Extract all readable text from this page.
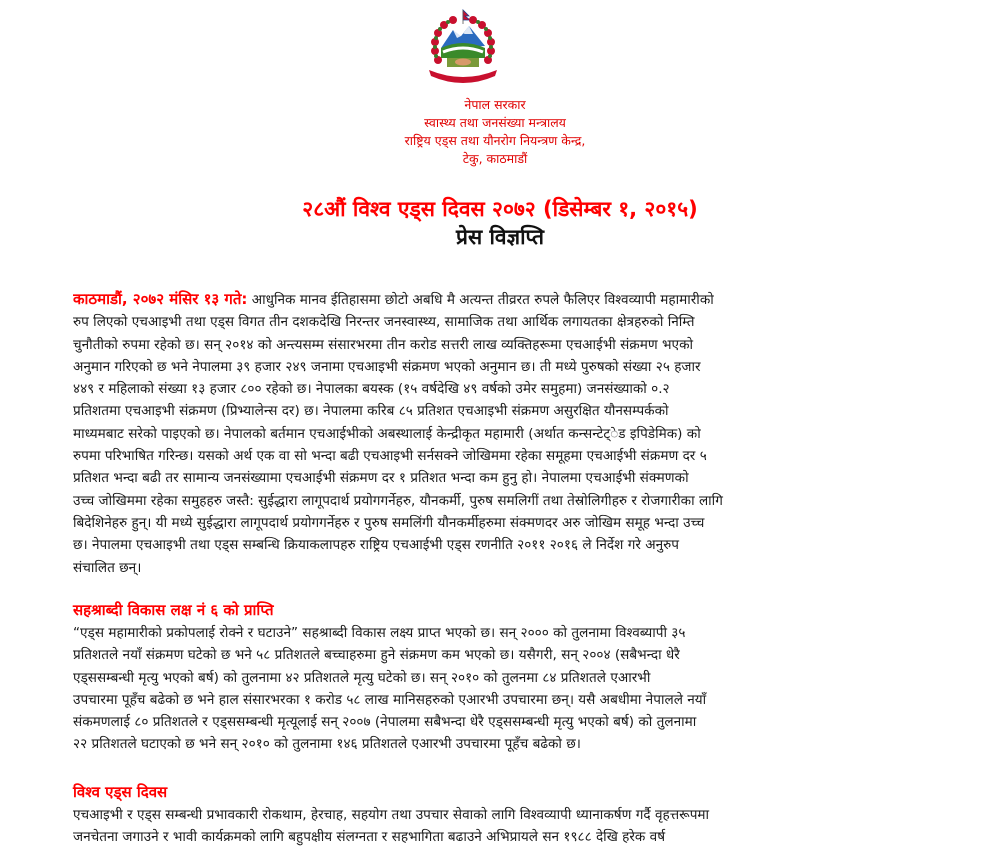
नेपाल सरकार
स्वास्थ्य तथा जनसंख्या मन्त्रालय
राष्ट्रिय एड्स तथा यौनरोग नियन्त्रण केन्द्र,
टेकु, काठमाडौं
२८औं विश्व एड्स दिवस २०७२ (डिसेम्बर १, २०१५)
प्रेस विज्ञप्ति
काठमाडौं, २०७२ मंसिर १३ गते: आधुनिक मानव ईतिहासमा छोटो अबधि मै अत्यन्त तीव्ररत रुपले फैलिएर विश्वव्यापी महामारीको
रुप लिएको एचआइभी तथा एड्स विगत तीन दशकदेखि निरन्तर जनस्वास्थ्य, सामाजिक तथा आर्थिक लगायतका क्षेत्रहरुको निम्ति
चुनौतीको रुपमा रहेको छ। सन् २०१४ को अन्त्यसम्म संसारभरमा तीन करोड सत्तरी लाख व्यक्तिहरूमा एचआईभी संक्रमण भएको
अनुमान गरिएको छ भने नेपालमा ३९ हजार २४९ जनामा एचआइभी संक्रमण भएको अनुमान छ। ती मध्ये पुरुषको संख्या २५ हजार
४४९ र महिलाको संख्या १३ हजार ८०० रहेको छ। नेपालका बयस्क (१५ वर्षदेखि ४९ वर्षको उमेर समुहमा) जनसंख्याको ०.२
प्रतिशतमा एचआइभी संक्रमण (प्रिभ्यालेन्स दर) छ। नेपालमा करिब ८५ प्रतिशत एचआइभी संक्रमण असुरक्षित यौनसम्पर्कको
माध्यमबाट सरेको पाइएको छ। नेपालको बर्तमान एचआईभीको अबस्थालाई केन्द्रीकृत महामारी (अर्थात कन्सन्टेट्ेड इपिडेमिक) को
रुपमा परिभाषित गरिन्छ। यसको अर्थ एक वा सो भन्दा बढी एचआइभी सर्नसक्ने जोखिममा रहेका समूहमा एचआईभी संक्रमण दर ५
प्रतिशत भन्दा बढी तर सामान्य जनसंख्यामा एचआईभी संक्रमण दर १ प्रतिशत भन्दा कम हुनु हो। नेपालमा एचआईभी संक्मणको
उच्च जोखिममा रहेका समुहहरु जस्तै: सुईद्धारा लागूपदार्थ प्रयोगगर्नेहरु, यौनकर्मी, पुरुष समलिगीं तथा तेस्रोलिगीहरु र रोजगारीका लागि
बिदेशिनेहरु हुन्। यी मध्ये सुईद्धारा लागूपदार्थ प्रयोगगर्नेहरु र पुरुष समलिंगी यौनकर्मीहरुमा संक्मणदर अरु जोखिम समूह भन्दा उच्च
छ। नेपालमा एचआइभी तथा एड्स सम्बन्धि क्रियाकलापहरु राष्ट्रिय एचआईभी एड्स रणनीति २०११ २०१६ ले निर्देश गरे अनुरुप
संचालित छन्।
सहश्राब्दी विकास लक्ष नं ६ को प्राप्ति
“एड्स महामारीको प्रकोपलाई रोक्ने र घटाउने” सहश्राब्दी विकास लक्ष्य प्राप्त भएको छ। सन् २००० को तुलनामा विश्वब्यापी ३५
प्रतिशतले नयाँ संक्रमण घटेको छ भने ५८ प्रतिशतले बच्चाहरुमा हुने संक्रमण कम भएको छ। यसैगरी, सन् २००४ (सबैभन्दा धेरै
एड्ससम्बन्धी मृत्यु भएको बर्ष) को तुलनामा ४२ प्रतिशतले मृत्यु घटेको छ। सन् २०१० को तुलनमा ८४ प्रतिशतले एआरभी
उपचारमा पूहँच बढेको छ भने हाल संसारभरका १ करोड ५८ लाख मानिसहरुको एआरभी उपचारमा छन्। यसै अबधीमा नेपालले नयाँ
संकमणलाई ८० प्रतिशतले र एड्ससम्बन्धी मृत्यूलाई सन् २००७ (नेपालमा सबैभन्दा धेरै एड्ससम्बन्धी मृत्यु भएको बर्ष) को तुलनामा
२२ प्रतिशतले घटाएको छ भने सन् २०१० को तुलनामा १४६ प्रतिशतले एआरभी उपचारमा पूहँच बढेको छ।
विश्व एड्स दिवस
एचआइभी र एड्स सम्बन्धी प्रभावकारी रोकथाम, हेरचाह, सहयोग तथा उपचार सेवाको लागि विश्वव्यापी ध्यानाकर्षण गर्दै वृहत्तरूपमा
जनचेतना जगाउने र भावी कार्यक्रमको लागि बहुपक्षीय संलग्नता र सहभागिता बढाउने अभिप्रायले सन १९८८ देखि हरेक वर्ष
